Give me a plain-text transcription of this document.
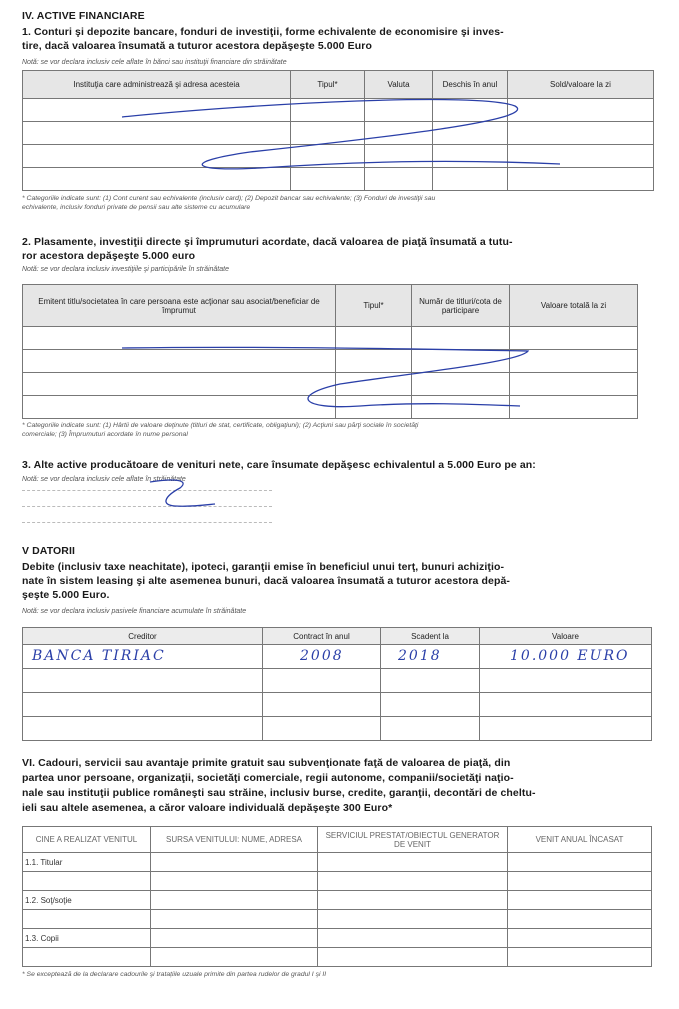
IV. ACTIVE FINANCIARE
1. Conturi şi depozite bancare, fonduri de investiţii, forme echivalente de economisire şi inves-
tire, dacă valoarea însumată a tuturor acestora depăşeşte 5.000 Euro
Notă: se vor declara inclusiv cele aflate în bănci sau instituţii financiare din străinătate
Instituţia care administrează şi adresa acesteia	Tipul*	Valuta	Deschis în anul	Sold/valoare la zi

* Categoriile indicate sunt: (1) Cont curent sau echivalente (inclusiv card); (2) Depozit bancar sau echivalente; (3) Fonduri de investiţii sau
echivalente, inclusiv fonduri private de pensii sau alte sisteme cu acumulare
2. Plasamente, investiţii directe şi împrumuturi acordate, dacă valoarea de piaţă însumată a tutu-
ror acestora depăşeşte 5.000 euro
Notă: se vor declara inclusiv investiţiile şi participările în străinătate
Emitent titlu/societatea în care persoana este acţionar sau asociat/beneficiar de împrumut	Tipul*	Număr de titluri/cota de participare	Valoare totală la zi

* Categoriile indicate sunt: (1) Hârtii de valoare deţinute (titluri de stat, certificate, obligaţiuni); (2) Acţiuni sau părţi sociale în societăţi
comerciale; (3) Împrumuturi acordate în nume personal
3. Alte active producătoare de venituri nete, care însumate depăşesc echivalentul a 5.000 Euro pe an:
Notă: se vor declara inclusiv cele aflate în străinătate
V DATORII
Debite (inclusiv taxe neachitate), ipoteci, garanţii emise în beneficiul unui terţ, bunuri achiziţio-
nate în sistem leasing şi alte asemenea bunuri, dacă valoarea însumată a tuturor acestora depă-
şeşte 5.000 Euro.
Notă: se vor declara inclusiv pasivele financiare acumulate în străinătate
Creditor	Contract în anul	Scadent la	Valoare

BANCA TIRIAC	2008	2018	10.000 EURO
VI. Cadouri, servicii sau avantaje primite gratuit sau subvenţionate faţă de valoarea de piaţă, din
partea unor persoane, organizaţii, societăţi comerciale, regii autonome, companii/societăţi naţio-
nale sau instituţii publice româneşti sau străine, inclusiv burse, credite, garanţii, decontări de cheltu-
ieli sau altele asemenea, a căror valoare individuală depăşeşte 300 Euro*
CINE A REALIZAT VENITUL	SURSA VENITULUI: NUME, ADRESA	SERVICIUL PRESTAT/OBIECTUL GENERATOR DE VENIT	VENIT ANUAL ÎNCASAT
1.1. Titular			

1.2. Soţ/soţie			

1.3. Copii			

* Se exceptează de la declarare cadourile şi tratațiile uzuale primite din partea rudelor de gradul I şi II
